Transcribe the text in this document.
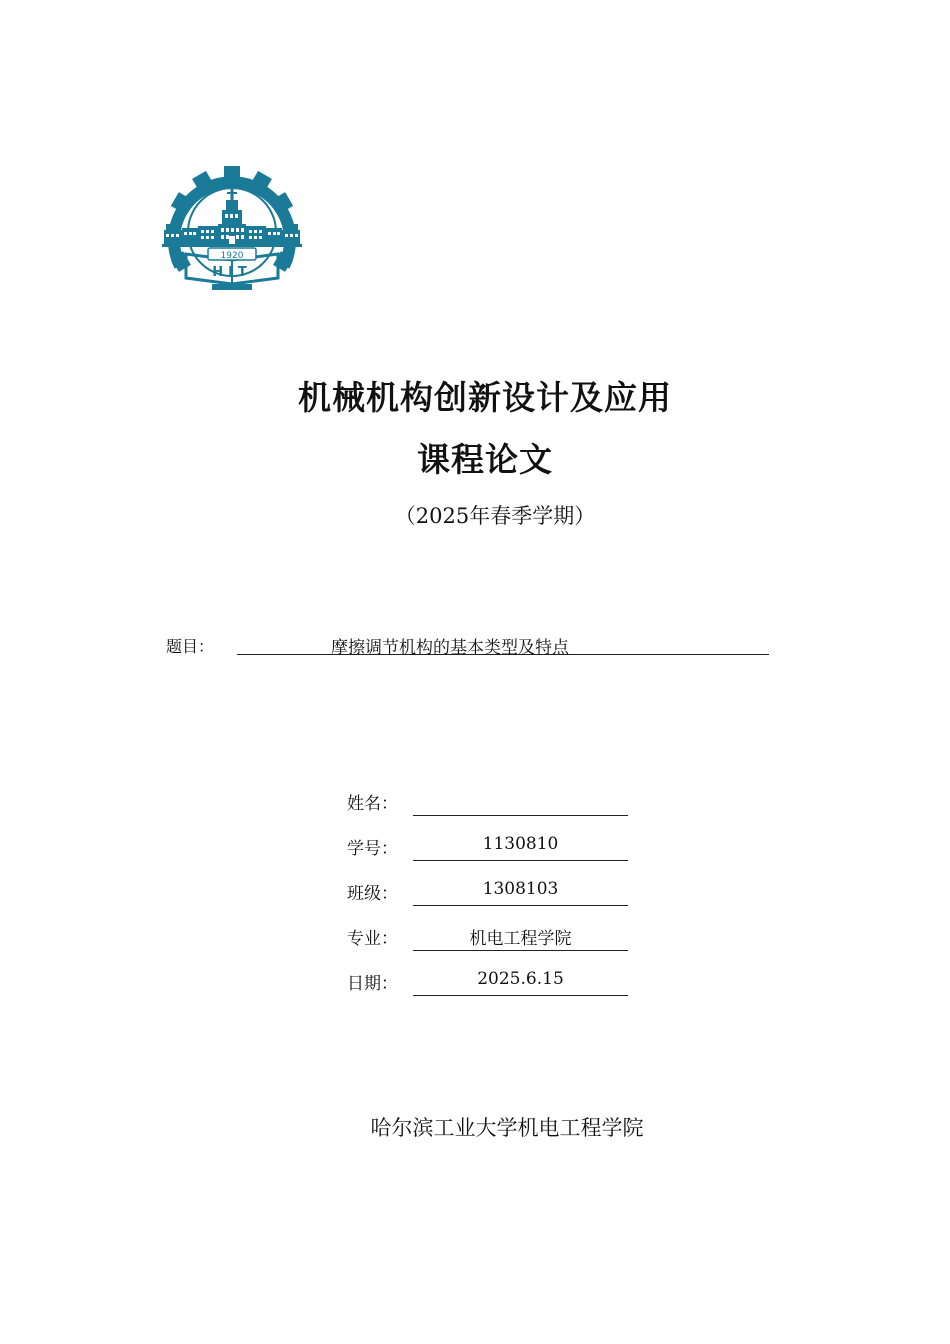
1920
HIT
机械机构创新设计及应用
课程论文
（2025年春季学期）
题目：	摩擦调节机构的基本类型及特点
姓名：
学号：	1130810
班级：	1308103
专业：	机电工程学院
日期：	2025.6.15
哈尔滨工业大学机电工程学院
